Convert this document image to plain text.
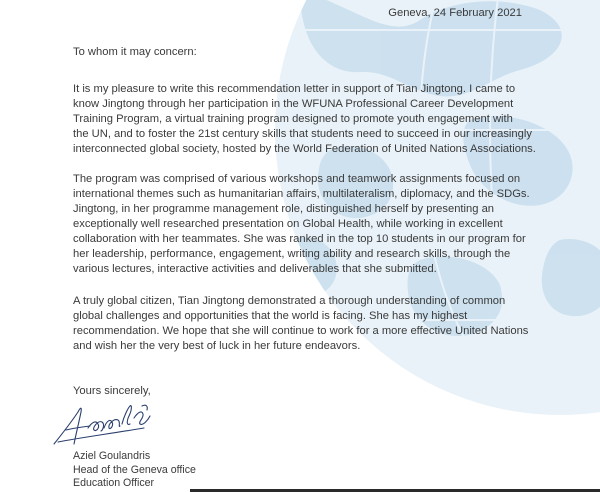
Geneva, 24 February 2021
To whom it may concern:

It is my pleasure to write this recommendation letter in support of Tian Jingtong. I came to
know Jingtong through her participation in the WFUNA Professional Career Development
Training Program, a virtual training program designed to promote youth engagement with
the UN, and to foster the 21st century skills that students need to succeed in our increasingly
interconnected global society, hosted by the World Federation of United Nations Associations.

The program was comprised of various workshops and teamwork assignments focused on
international themes such as humanitarian affairs, multilateralism, diplomacy, and the SDGs.
Jingtong, in her programme management role, distinguished herself by presenting an
exceptionally well researched presentation on Global Health, while working in excellent
collaboration with her teammates. She was ranked in the top 10 students in our program for
her leadership, performance, engagement, writing ability and research skills, through the
various lectures, interactive activities and deliverables that she submitted.

A truly global citizen, Tian Jingtong demonstrated a thorough understanding of common
global challenges and opportunities that the world is facing. She has my highest
recommendation. We hope that she will continue to work for a more effective United Nations
and wish her the very best of luck in her future endeavors.

Yours sincerely,
Aziel Goulandris
Head of the Geneva office
Education Officer
